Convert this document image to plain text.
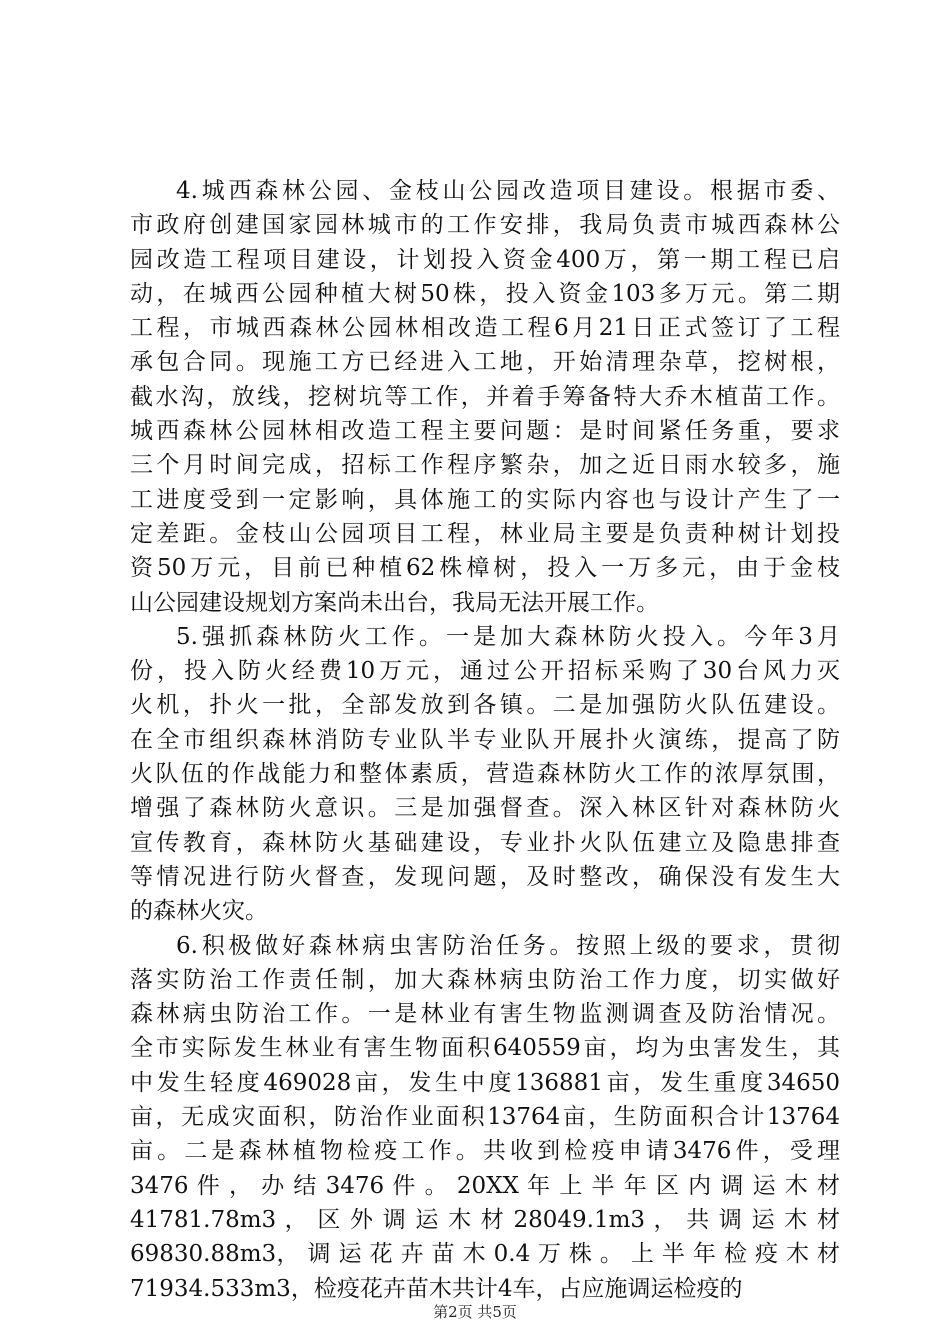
4.城西森林公园、金枝山公园改造项目建设。根据市委、
市政府创建国家园林城市的工作安排，我局负责市城西森林公
园改造工程项目建设，计划投入资金400万，第一期工程已启
动，在城西公园种植大树50株，投入资金103多万元。第二期
工程，市城西森林公园林相改造工程6月21日正式签订了工程
承包合同。现施工方已经进入工地，开始清理杂草，挖树根，
截水沟，放线，挖树坑等工作，并着手筹备特大乔木植苗工作。
城西森林公园林相改造工程主要问题：是时间紧任务重，要求
三个月时间完成，招标工作程序繁杂，加之近日雨水较多，施
工进度受到一定影响，具体施工的实际内容也与设计产生了一
定差距。金枝山公园项目工程，林业局主要是负责种树计划投
资50万元，目前已种植62株樟树，投入一万多元，由于金枝
山公园建设规划方案尚未出台，我局无法开展工作。
5.强抓森林防火工作。一是加大森林防火投入。今年3月
份，投入防火经费10万元，通过公开招标采购了30台风力灭
火机，扑火一批，全部发放到各镇。二是加强防火队伍建设。
在全市组织森林消防专业队半专业队开展扑火演练，提高了防
火队伍的作战能力和整体素质，营造森林防火工作的浓厚氛围，
增强了森林防火意识。三是加强督查。深入林区针对森林防火
宣传教育，森林防火基础建设，专业扑火队伍建立及隐患排查
等情况进行防火督查，发现问题，及时整改，确保没有发生大
的森林火灾。
6.积极做好森林病虫害防治任务。按照上级的要求，贯彻
落实防治工作责任制，加大森林病虫防治工作力度，切实做好
森林病虫防治工作。一是林业有害生物监测调查及防治情况。
全市实际发生林业有害生物面积640559亩，均为虫害发生，其
中发生轻度469028亩，发生中度136881亩，发生重度34650
亩，无成灾面积，防治作业面积13764亩，生防面积合计13764
亩。二是森林植物检疫工作。共收到检疫申请3476件，受理
3476 件 ， 办 结 3476 件 。 20XX 年 上 半 年 区 内 调 运 木 材
41781.78m3 ， 区 外 调 运 木 材 28049.1m3 ， 共 调 运 木 材
69830.88m3， 调 运 花 卉 苗 木 0.4 万 株 。 上 半 年 检 疫 木 材
71934.533m3，检疫花卉苗木共计4车，占应施调运检疫的
第2页 共5页
